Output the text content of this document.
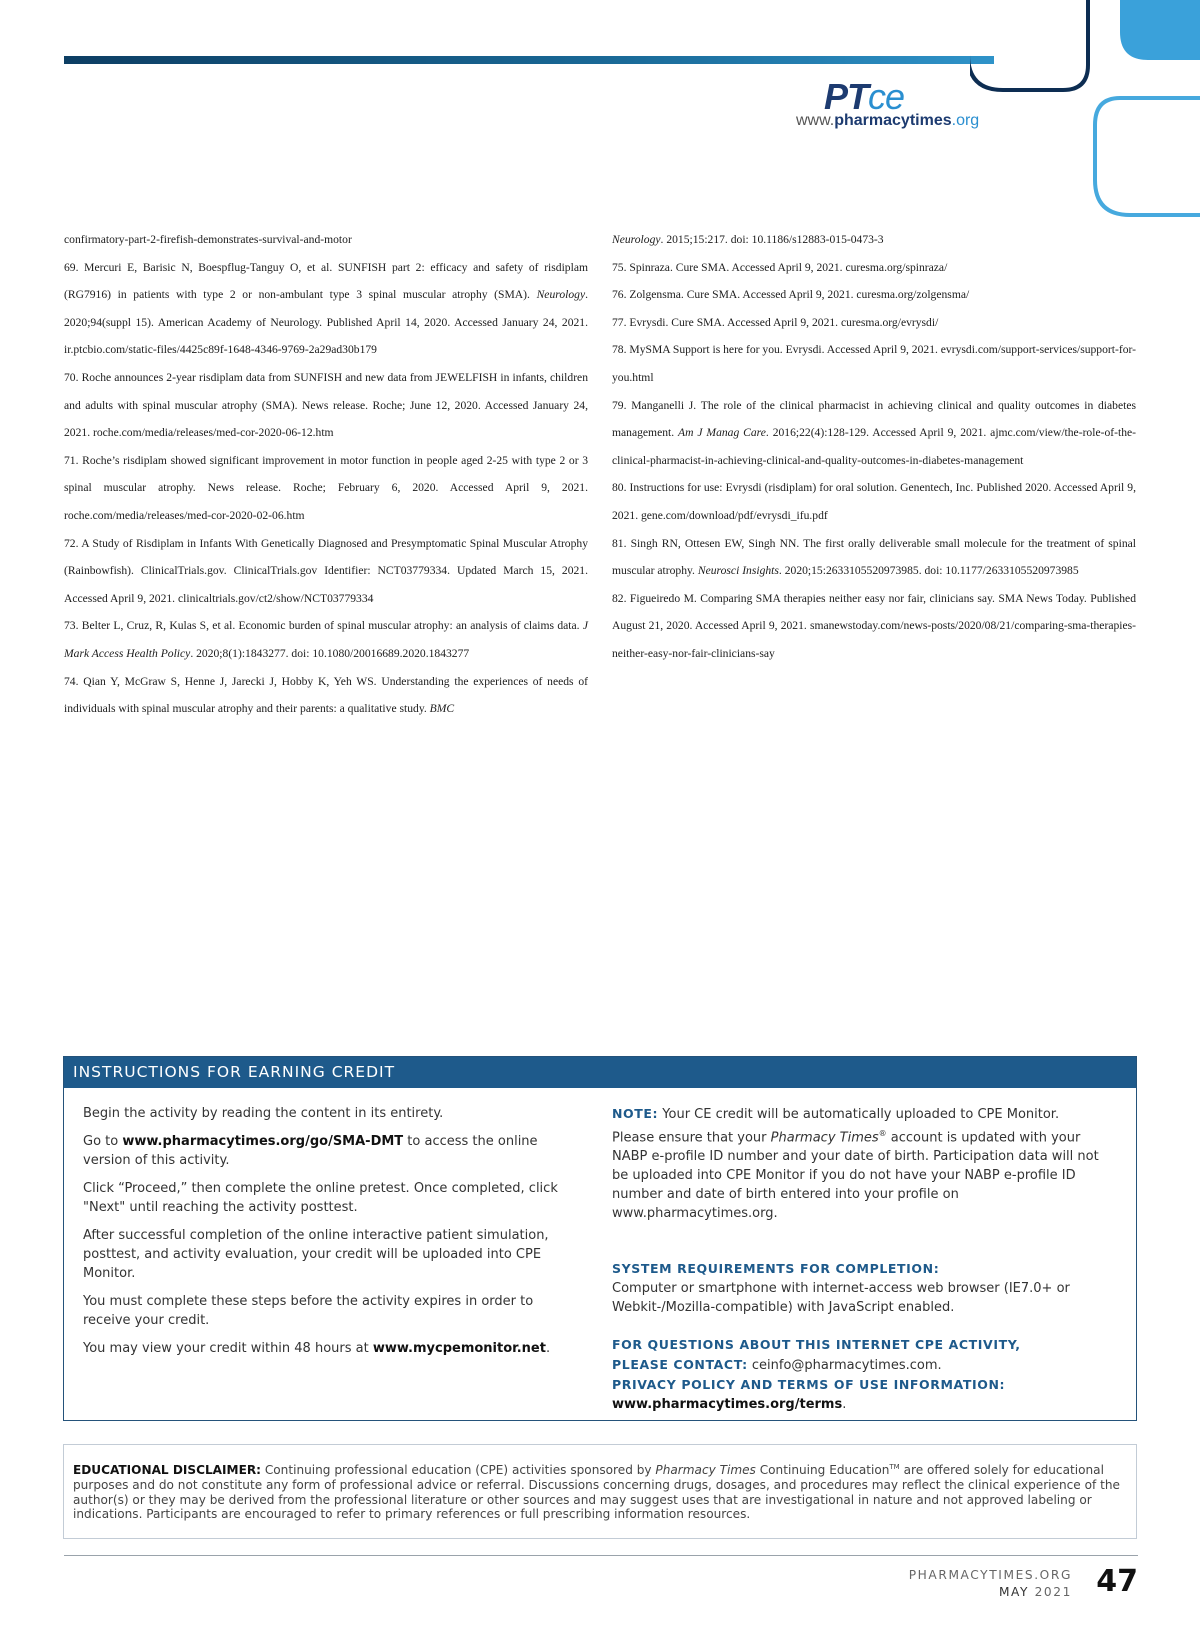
PTce
www.pharmacytimes.org

confirmatory-part-2-firefish-demonstrates-survival-and-motor

69. Mercuri E, Barisic N, Boespflug-Tanguy O, et al. SUNFISH part 2: efficacy and safety of risdiplam (RG7916) in patients with type 2 or non-ambulant type 3 spinal muscular atrophy (SMA). Neurology. 2020;94(suppl 15). American Academy of Neurology. Published April 14, 2020. Accessed January 24, 2021. ir.ptcbio.com/static-files/4425c89f-1648-4346-9769-2a29ad30b179

70. Roche announces 2-year risdiplam data from SUNFISH and new data from JEWELFISH in infants, children and adults with spinal muscular atrophy (SMA). News release. Roche; June 12, 2020. Accessed January 24, 2021. roche.com/media/releases/med-cor-2020-06-12.htm

71. Roche’s risdiplam showed significant improvement in motor function in people aged 2-25 with type 2 or 3 spinal muscular atrophy. News release. Roche; February 6, 2020. Accessed April 9, 2021. roche.com/media/releases/med-cor-2020-02-06.htm

72. A Study of Risdiplam in Infants With Genetically Diagnosed and Presymptomatic Spinal Muscular Atrophy (Rainbowfish). ClinicalTrials.gov. ClinicalTrials.gov Identifier: NCT03779334. Updated March 15, 2021. Accessed April 9, 2021. clinicaltrials.gov/ct2/show/NCT03779334

73. Belter L, Cruz, R, Kulas S, et al. Economic burden of spinal muscular atrophy: an analysis of claims data. J Mark Access Health Policy. 2020;8(1):1843277. doi: 10.1080/20016689.2020.1843277

74. Qian Y, McGraw S, Henne J, Jarecki J, Hobby K, Yeh WS. Understanding the experiences of needs of individuals with spinal muscular atrophy and their parents: a qualitative study. BMC

Neurology. 2015;15:217. doi: 10.1186/s12883-015-0473-3

75. Spinraza. Cure SMA. Accessed April 9, 2021. curesma.org/spinraza/

76. Zolgensma. Cure SMA. Accessed April 9, 2021. curesma.org/zolgensma/

77. Evrysdi. Cure SMA. Accessed April 9, 2021. curesma.org/evrysdi/

78. MySMA Support is here for you. Evrysdi. Accessed April 9, 2021. evrysdi.com/support-services/support-for-you.html

79. Manganelli J. The role of the clinical pharmacist in achieving clinical and quality outcomes in diabetes management. Am J Manag Care. 2016;22(4):128-129. Accessed April 9, 2021. ajmc.com/view/the-role-of-the-clinical-pharmacist-in-achieving-clinical-and-quality-outcomes-in-diabetes-management

80. Instructions for use: Evrysdi (risdiplam) for oral solution. Genentech, Inc. Published 2020. Accessed April 9, 2021. gene.com/download/pdf/evrysdi_ifu.pdf

81. Singh RN, Ottesen EW, Singh NN. The first orally deliverable small molecule for the treatment of spinal muscular atrophy. Neurosci Insights. 2020;15:2633105520973985. doi: 10.1177/2633105520973985

82. Figueiredo M. Comparing SMA therapies neither easy nor fair, clinicians say. SMA News Today. Published August 21, 2020. Accessed April 9, 2021. smanewstoday.com/news-posts/2020/08/21/comparing-sma-therapies-neither-easy-nor-fair-clinicians-say

INSTRUCTIONS FOR EARNING CREDIT

Begin the activity by reading the content in its entirety.

Go to www.pharmacytimes.org/go/SMA-DMT to access the online version of this activity.

Click “Proceed,” then complete the online pretest. Once completed, click "Next" until reaching the activity posttest.

After successful completion of the online interactive patient simulation, posttest, and activity evaluation, your credit will be uploaded into CPE Monitor.

You must complete these steps before the activity expires in order to receive your credit.

You may view your credit within 48 hours at www.mycpemonitor.net.

NOTE: Your CE credit will be automatically uploaded to CPE Monitor. Please ensure that your Pharmacy Times® account is updated with your NABP e-profile ID number and your date of birth. Participation data will not be uploaded into CPE Monitor if you do not have your NABP e-profile ID number and date of birth entered into your profile on www.pharmacytimes.org.

SYSTEM REQUIREMENTS FOR COMPLETION:

Computer or smartphone with internet-access web browser (IE7.0+ or Webkit-/Mozilla-compatible) with JavaScript enabled.

FOR QUESTIONS ABOUT THIS INTERNET CPE ACTIVITY,

PLEASE CONTACT: ceinfo@pharmacytimes.com.

PRIVACY POLICY AND TERMS OF USE INFORMATION:

www.pharmacytimes.org/terms.

EDUCATIONAL DISCLAIMER: Continuing professional education (CPE) activities sponsored by Pharmacy Times Continuing Education™ are offered solely for educational purposes and do not constitute any form of professional advice or referral. Discussions concerning drugs, dosages, and procedures may reflect the clinical experience of the author(s) or they may be derived from the professional literature or other sources and may suggest uses that are investigational in nature and not approved labeling or indications. Participants are encouraged to refer to primary references or full prescribing information resources.
PHARMACYTIMES.ORG
MAY 2021 47
